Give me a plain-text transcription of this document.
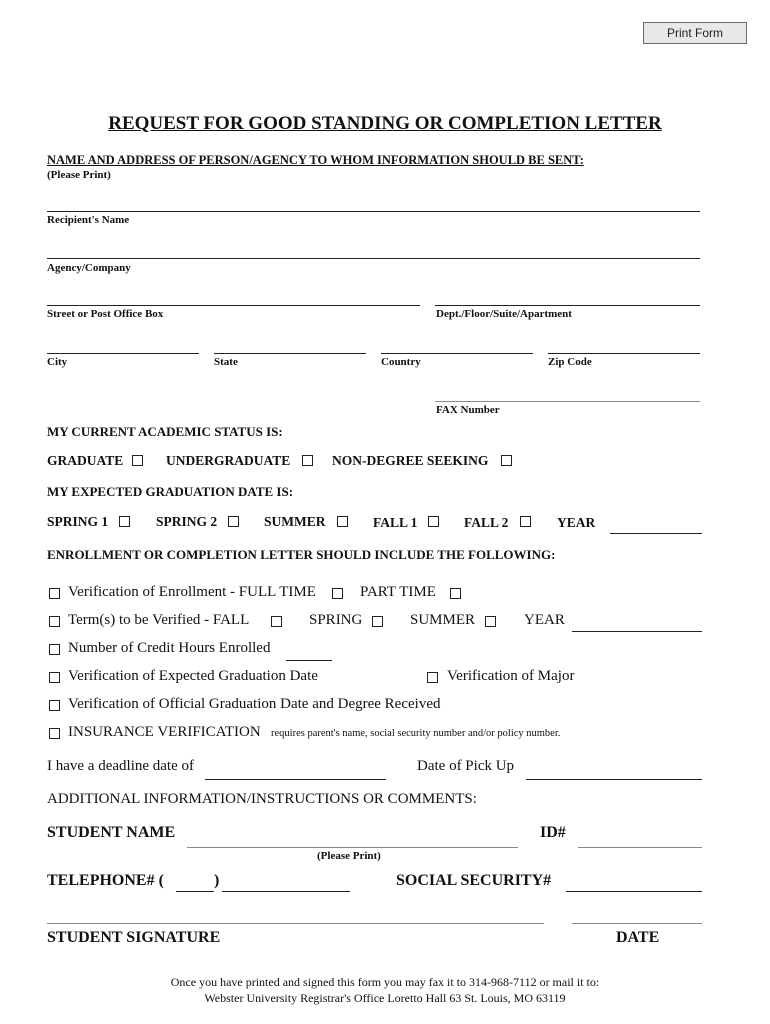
Print Form
REQUEST FOR GOOD STANDING OR COMPLETION LETTER
NAME AND ADDRESS OF PERSON/AGENCY TO WHOM INFORMATION SHOULD BE SENT:
(Please Print)
Recipient's Name
Agency/Company
Street or Post Office Box	Dept./Floor/Suite/Apartment
City	State	Country	Zip Code
FAX Number
MY CURRENT ACADEMIC STATUS IS:
GRADUATE	UNDERGRADUATE	NON-DEGREE SEEKING
MY EXPECTED GRADUATION DATE IS:
SPRING 1	SPRING 2	SUMMER	FALL 1	FALL 2	YEAR
ENROLLMENT OR COMPLETION LETTER SHOULD INCLUDE THE FOLLOWING:
Verification of Enrollment - FULL TIME	PART TIME
Term(s) to be Verified - FALL	SPRING	SUMMER	YEAR
Number of Credit Hours Enrolled
Verification of Expected Graduation Date	Verification of Major
Verification of Official Graduation Date and Degree Received
INSURANCE VERIFICATION requires parent's name, social security number and/or policy number.
I have a deadline date of	Date of Pick Up
ADDITIONAL INFORMATION/INSTRUCTIONS OR COMMENTS:
STUDENT NAME	ID#
(Please Print)
TELEPHONE# (	)	SOCIAL SECURITY#
STUDENT SIGNATURE	DATE
Once you have printed and signed this form you may fax it to 314-968-7112 or mail it to:
Webster University Registrar's Office Loretto Hall 63 St. Louis, MO 63119
